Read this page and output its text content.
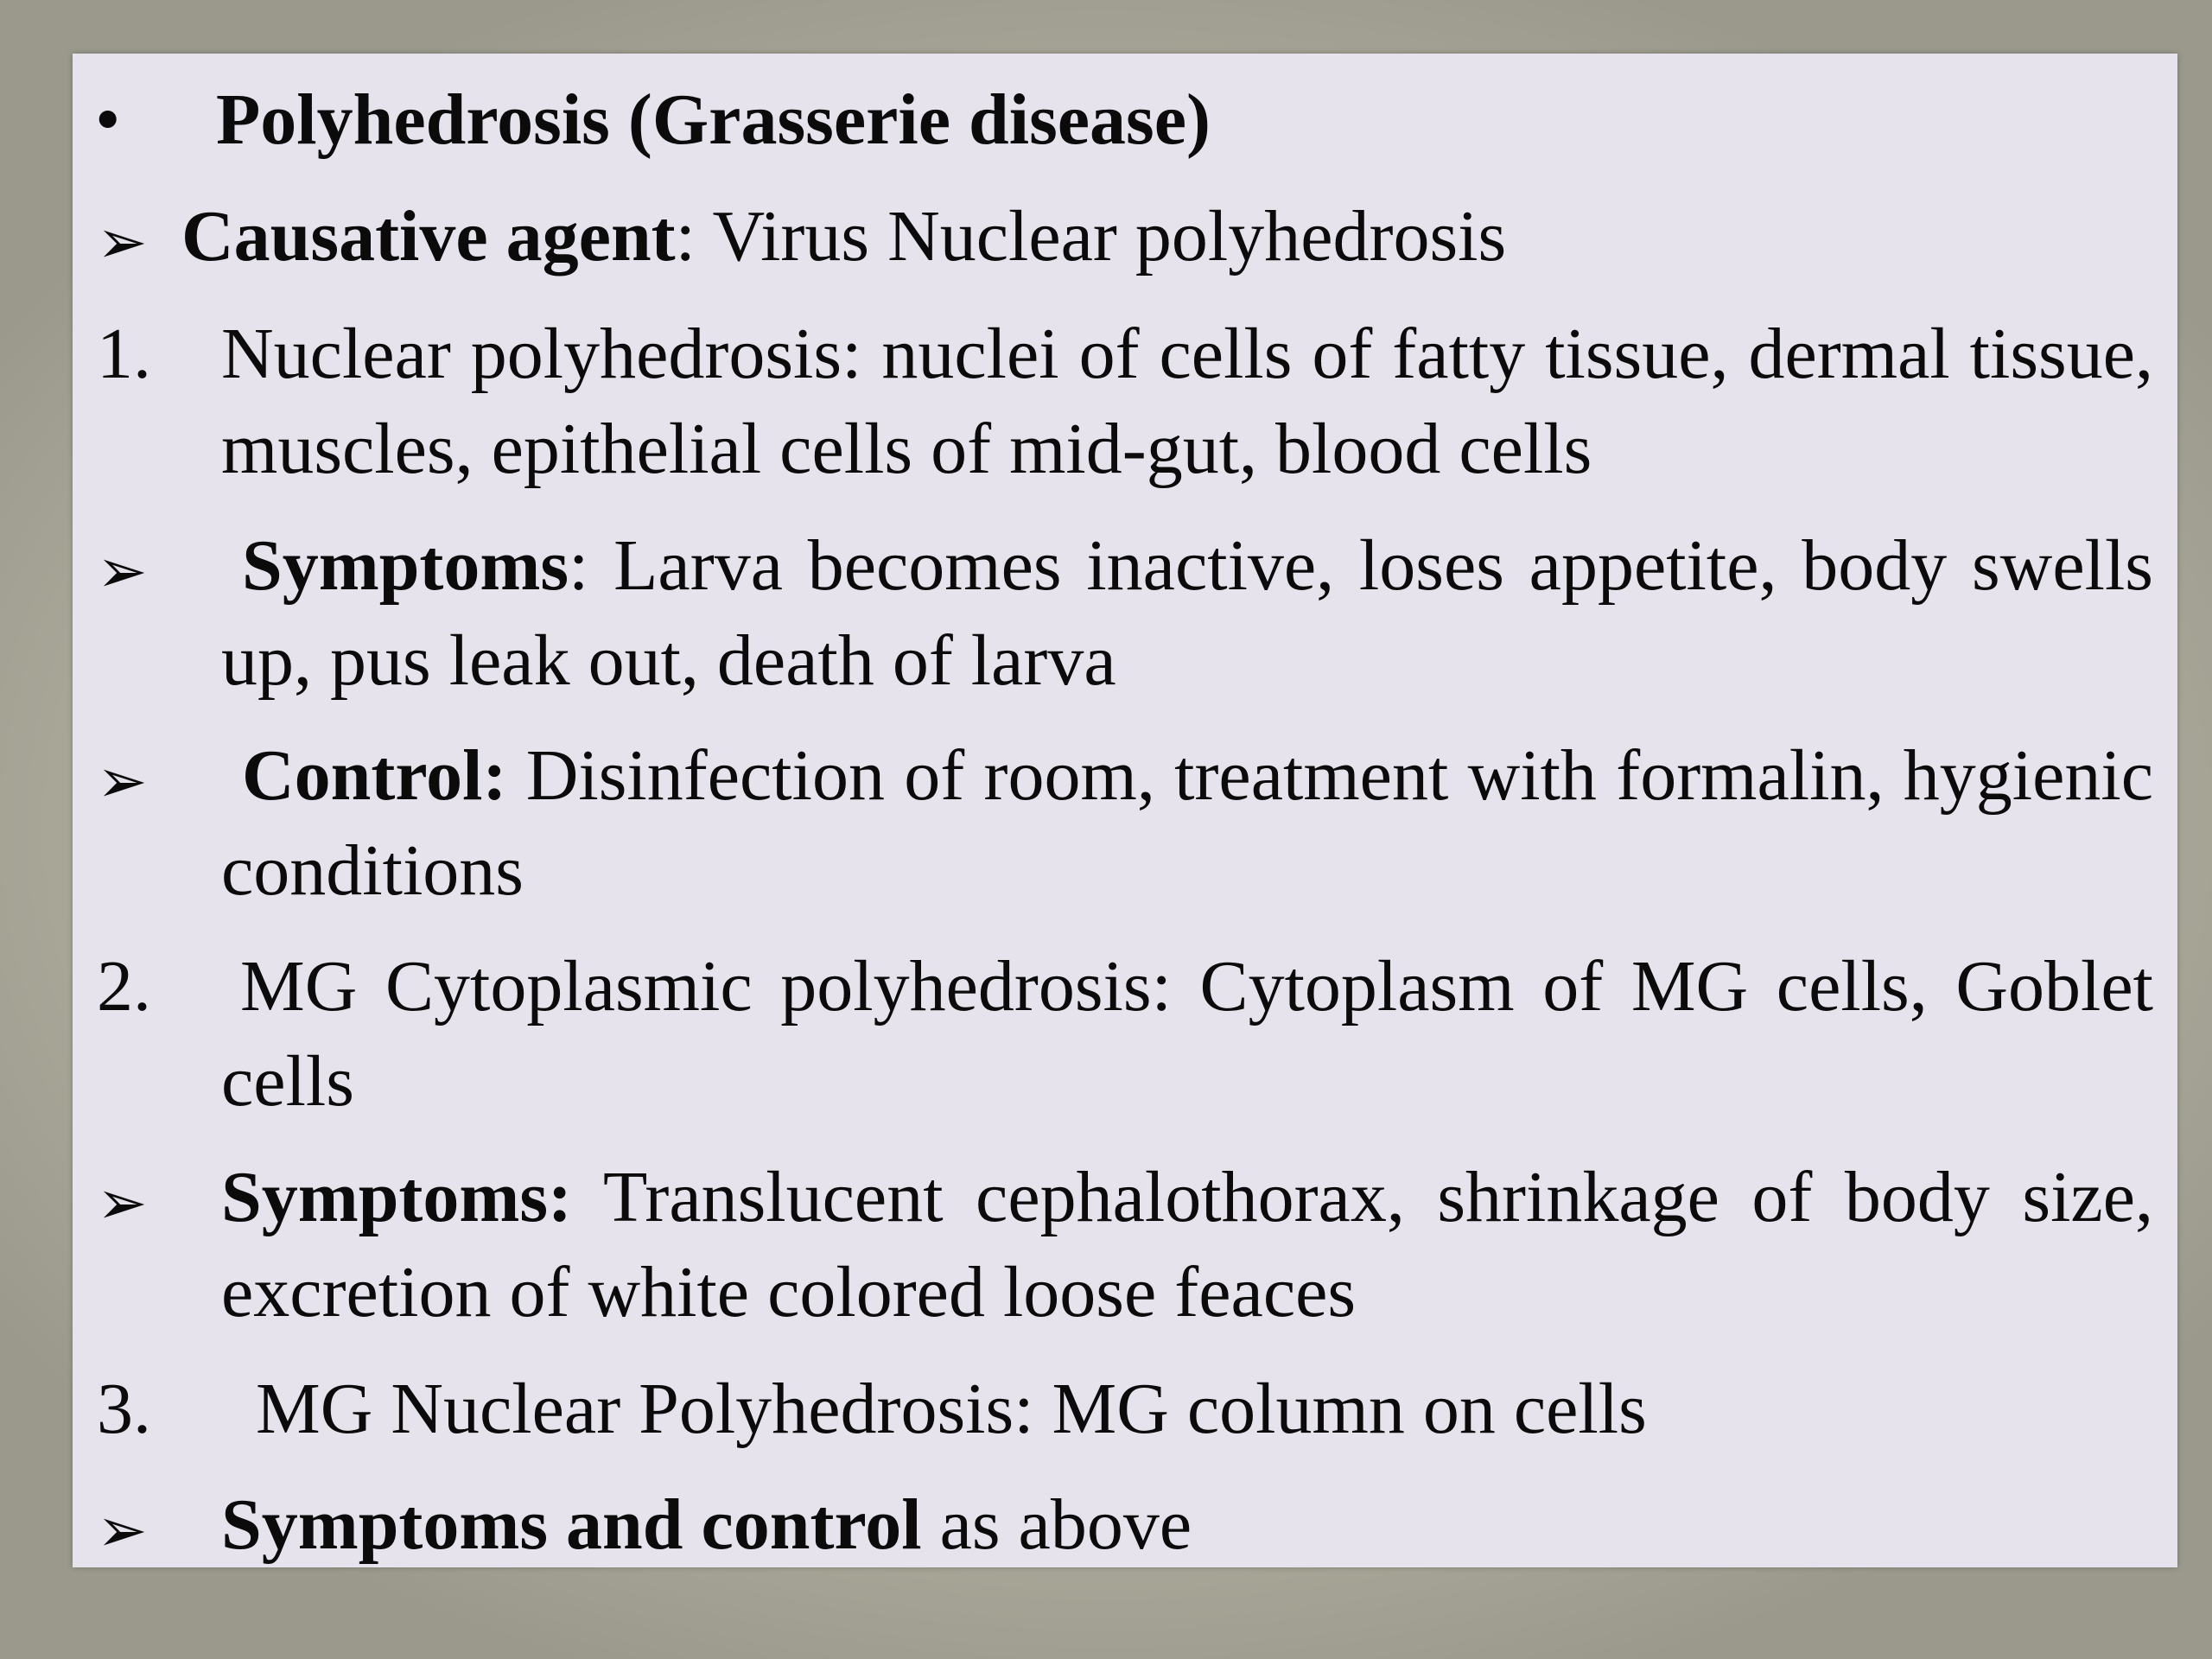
• Polyhedrosis (Grasserie disease)
➢ Causative agent: Virus Nuclear polyhedrosis
1. Nuclear polyhedrosis: nuclei of cells of fatty tissue, dermal tissue, muscles, epithelial cells of mid-gut, blood cells
➢ Symptoms: Larva becomes inactive, loses appetite, body swells up, pus leak out, death of larva
➢ Control: Disinfection of room, treatment with formalin, hygienic conditions
2. MG Cytoplasmic polyhedrosis: Cytoplasm of MG cells, Goblet cells
➢ Symptoms: Translucent cephalothorax, shrinkage of body size, excretion of white colored loose feaces
3. MG Nuclear Polyhedrosis: MG column on cells
➢ Symptoms and control as above
